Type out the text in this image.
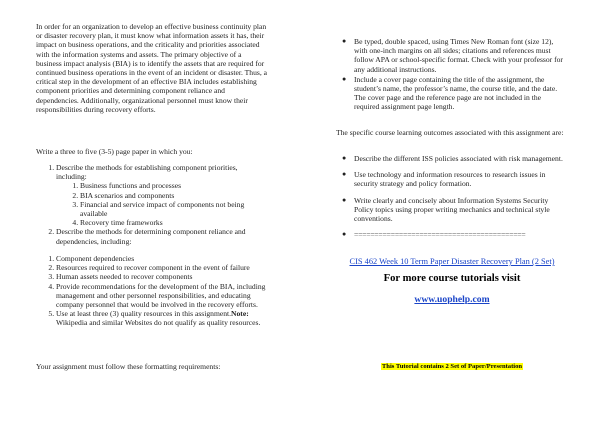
In order for an organization to develop an effective business continuity plan or disaster recovery plan, it must know what information assets it has, their impact on business operations, and the criticality and priorities associated with the information systems and assets. The primary objective of a business impact analysis (BIA) is to identify the assets that are required for continued business operations in the event of an incident or disaster. Thus, a critical step in the development of an effective BIA includes establishing component priorities and determining component reliance and dependencies. Additionally, organizational personnel must know their responsibilities during recovery efforts.

Write a three to five (3-5) page paper in which you:

1. Describe the methods for establishing component priorities, including:
1. Business functions and processes
2. BIA scenarios and components
3. Financial and service impact of components not being available
4. Recovery time frameworks
2. Describe the methods for determining component reliance and dependencies, including:
1. Component dependencies
2. Resources required to recover component in the event of failure
3. Human assets needed to recover components
4. Provide recommendations for the development of the BIA, including management and other personnel responsibilities, and educating company personnel that would be involved in the recovery efforts.
5. Use at least three (3) quality resources in this assignment.Note: Wikipedia and similar Websites do not qualify as quality resources.

Your assignment must follow these formatting requirements:

● Be typed, double spaced, using Times New Roman font (size 12), with one-inch margins on all sides; citations and references must follow APA or school-specific format. Check with your professor for any additional instructions.
● Include a cover page containing the title of the assignment, the student’s name, the professor’s name, the course title, and the date. The cover page and the reference page are not included in the required assignment page length.

The specific course learning outcomes associated with this assignment are:

● Describe the different ISS policies associated with risk management.
● Use technology and information resources to research issues in security strategy and policy formation.
● Write clearly and concisely about Information Systems Security Policy topics using proper writing mechanics and technical style conventions.
● ==========================================
CIS 462 Week 10 Term Paper Disaster Recovery Plan (2 Set)
For more course tutorials visit
www.uophelp.com
This Tutorial contains 2 Set of Paper/Presentation
